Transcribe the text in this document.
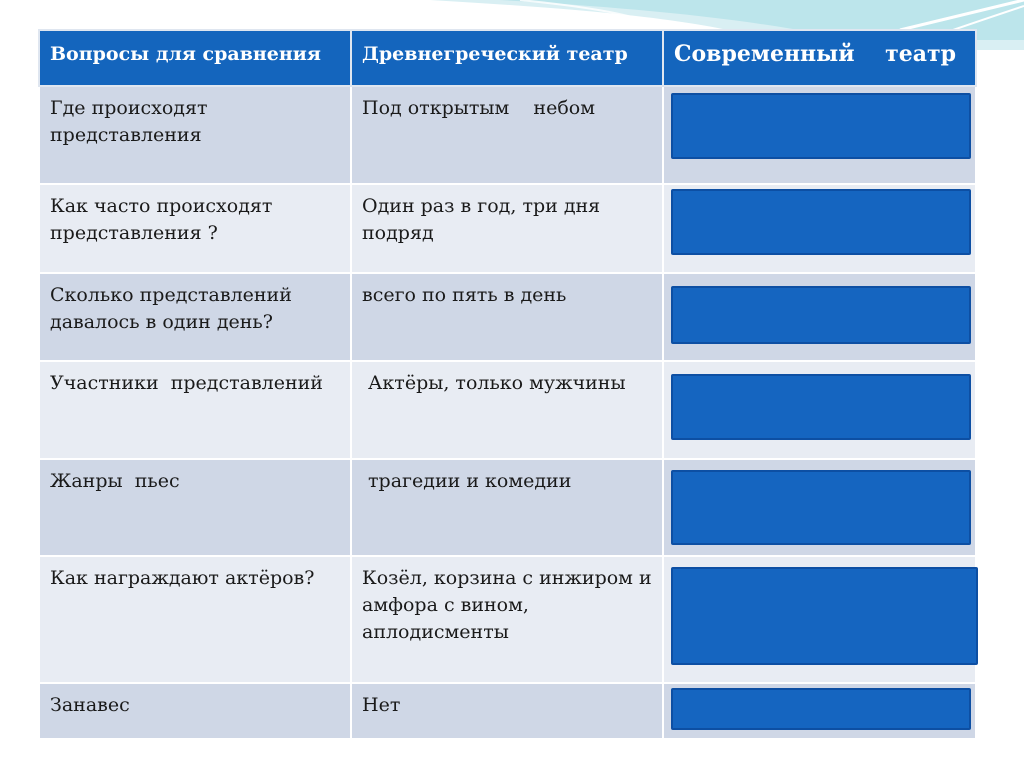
Вопросы для сравнения	Древнегреческий театр	Современный    театр
Где происходят представления	Под открытым    небом	
Как часто происходят представления ?	Один раз в год, три дня подряд	
Сколько представлений давалось в один день?	всего по пять в день	
Участники  представлений	Актёры, только мужчины	
Жанры  пьес	трагедии и комедии	
Как награждают актёров?	Козёл, корзина с инжиром и амфора с вином, аплодисменты	
Занавес	Нет	
